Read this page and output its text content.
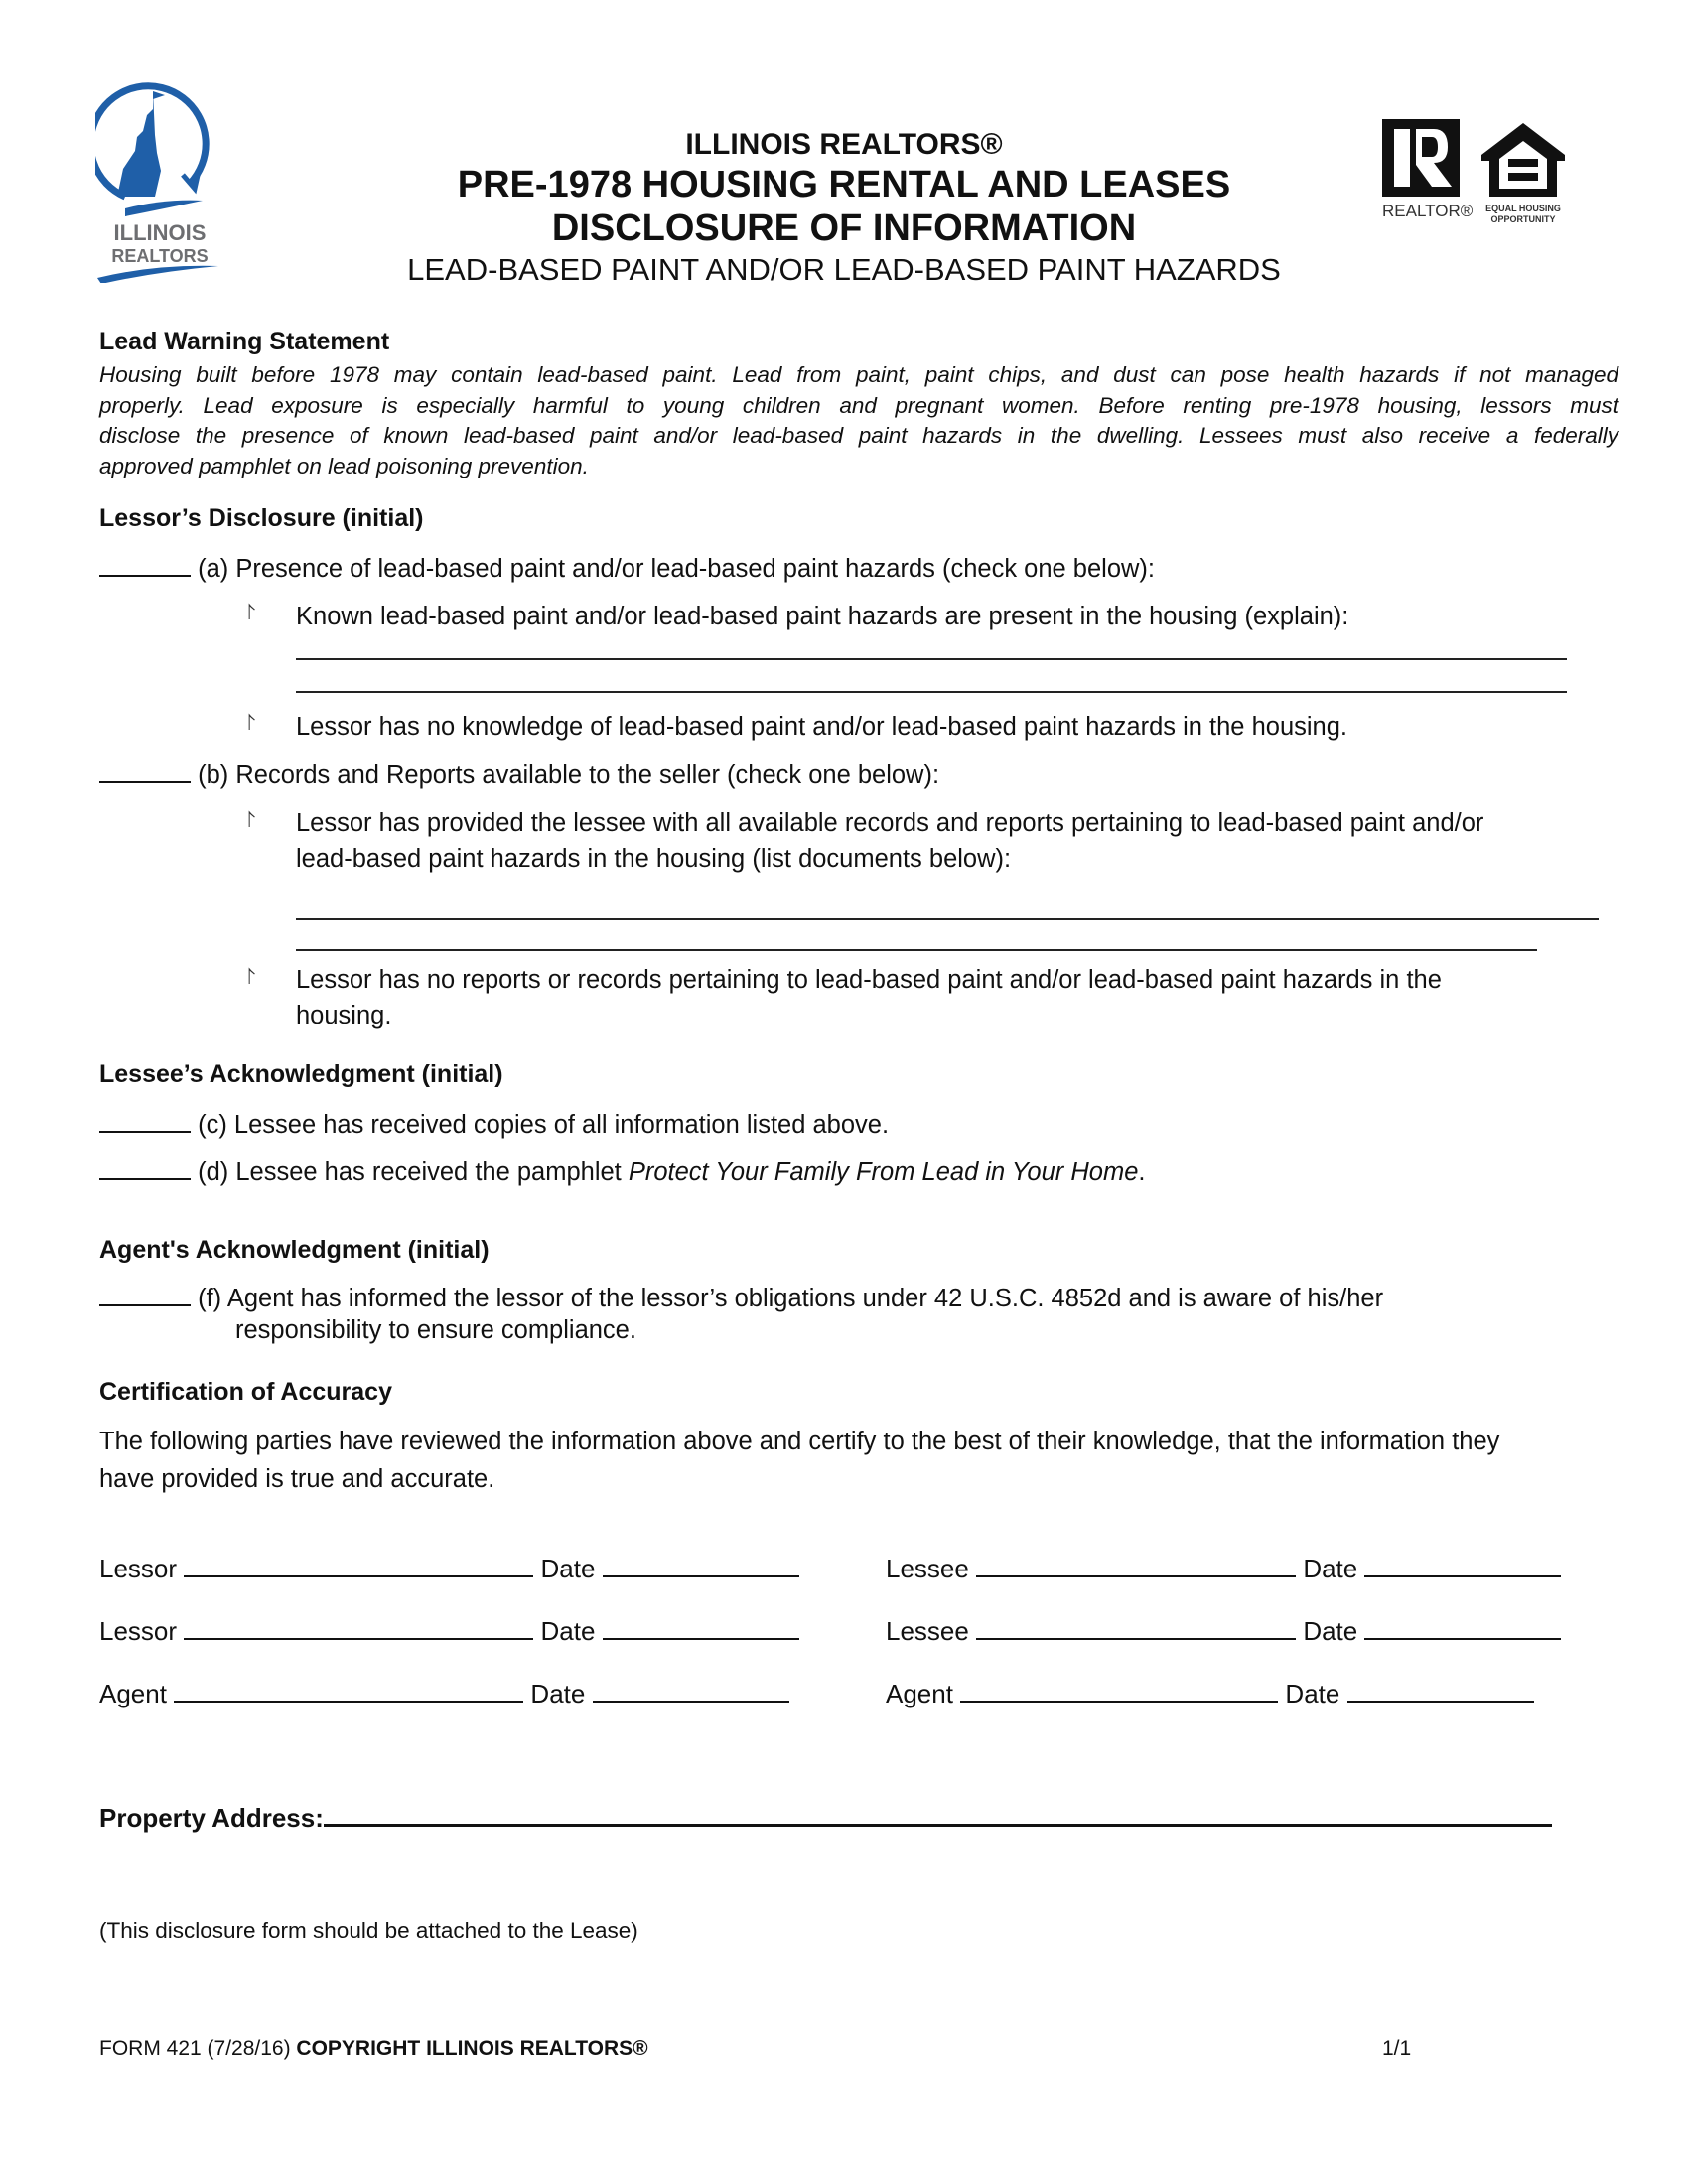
ILLINOIS
REALTORS
ILLINOIS REALTORS®
PRE-1978 HOUSING RENTAL AND LEASES
DISCLOSURE OF INFORMATION
LEAD-BASED PAINT AND/OR LEAD-BASED PAINT HAZARDS
REALTOR® EQUAL HOUSING
OPPORTUNITY
Lead Warning Statement
Housing built before 1978 may contain lead-based paint. Lead from paint, paint chips, and dust can pose health hazards if not managed
properly. Lead exposure is especially harmful to young children and pregnant women. Before renting pre-1978 housing, lessors must
disclose the presence of known lead-based paint and/or lead-based paint hazards in the dwelling. Lessees must also receive a federally
approved pamphlet on lead poisoning prevention.
Lessor’s Disclosure (initial)
(a) Presence of lead-based paint and/or lead-based paint hazards (check one below):
⨡ Known lead-based paint and/or lead-based paint hazards are present in the housing (explain):
⨡ Lessor has no knowledge of lead-based paint and/or lead-based paint hazards in the housing.
(b) Records and Reports available to the seller (check one below):
⨡ Lessor has provided the lessee with all available records and reports pertaining to lead-based paint and/or
lead-based paint hazards in the housing (list documents below):
⨡ Lessor has no reports or records pertaining to lead-based paint and/or lead-based paint hazards in the
housing.
Lessee’s Acknowledgment (initial)
(c) Lessee has received copies of all information listed above.
(d) Lessee has received the pamphlet Protect Your Family From Lead in Your Home.
Agent's Acknowledgment (initial)
(f) Agent has informed the lessor of the lessor’s obligations under 42 U.S.C. 4852d and is aware of his/her
responsibility to ensure compliance.
Certification of Accuracy
The following parties have reviewed the information above and certify to the best of their knowledge, that the information they
have provided is true and accurate.
Lessor	Date	Lessee	Date
Lessor	Date	Lessee	Date
Agent	Date	Agent	Date
Property Address:
(This disclosure form should be attached to the Lease)
FORM 421 (7/28/16) COPYRIGHT ILLINOIS REALTORS®	1/1
